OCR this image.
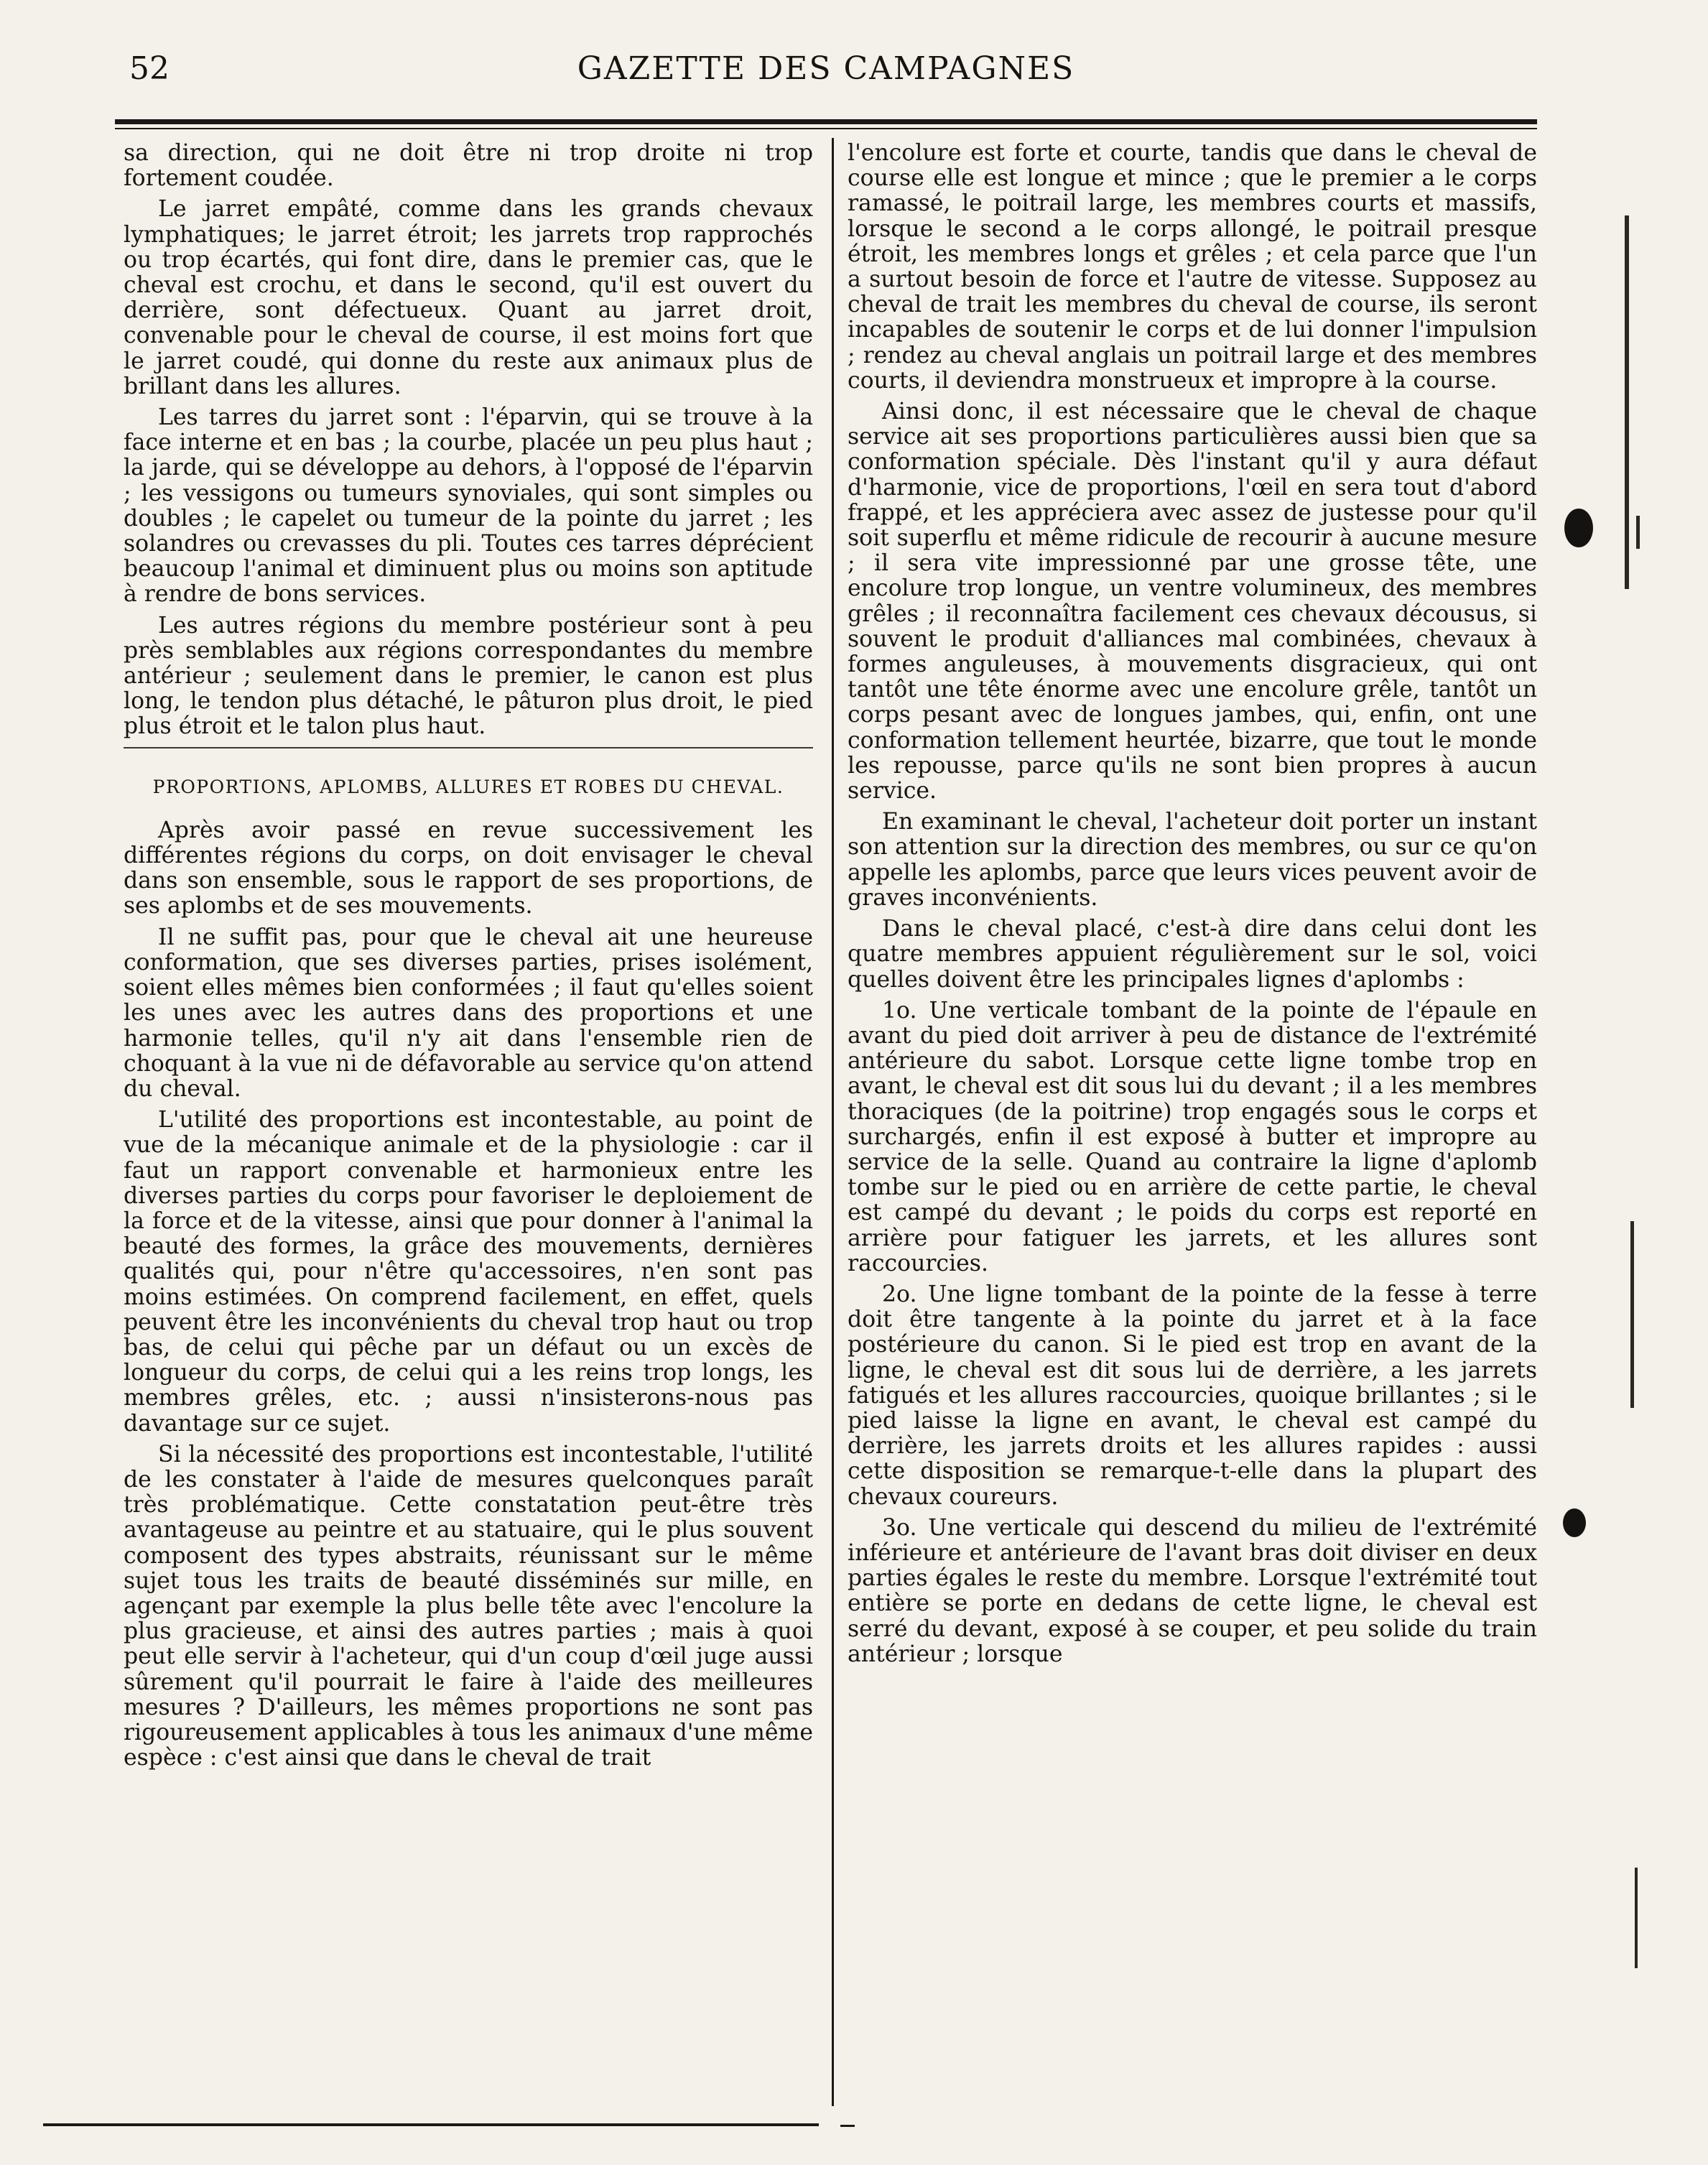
52	GAZETTE DES CAMPAGNES

sa direction, qui ne doit être ni trop droite ni trop fortement coudée.

Le jarret empâté, comme dans les grands chevaux lymphatiques; le jarret étroit; les jarrets trop rapprochés ou trop écartés, qui font dire, dans le premier cas, que le cheval est crochu, et dans le second, qu'il est ouvert du derrière, sont défectueux. Quant au jarret droit, convenable pour le cheval de course, il est moins fort que le jarret coudé, qui donne du reste aux animaux plus de brillant dans les allures.

Les tarres du jarret sont : l'éparvin, qui se trouve à la face interne et en bas ; la courbe, placée un peu plus haut ; la jarde, qui se développe au dehors, à l'opposé de l'éparvin ; les vessigons ou tumeurs synoviales, qui sont simples ou doubles ; le capelet ou tumeur de la pointe du jarret ; les solandres ou crevasses du pli. Toutes ces tarres déprécient beaucoup l'animal et diminuent plus ou moins son aptitude à rendre de bons services.

Les autres régions du membre postérieur sont à peu près semblables aux régions correspondantes du membre antérieur ; seulement dans le premier, le canon est plus long, le tendon plus détaché, le pâturon plus droit, le pied plus étroit et le talon plus haut.

PROPORTIONS, APLOMBS, ALLURES ET ROBES DU CHEVAL.

Après avoir passé en revue successivement les différentes régions du corps, on doit envisager le cheval dans son ensemble, sous le rapport de ses proportions, de ses aplombs et de ses mouvements.

Il ne suffit pas, pour que le cheval ait une heureuse conformation, que ses diverses parties, prises isolément, soient elles mêmes bien conformées ; il faut qu'elles soient les unes avec les autres dans des proportions et une harmonie telles, qu'il n'y ait dans l'ensemble rien de choquant à la vue ni de défavorable au service qu'on attend du cheval.

L'utilité des proportions est incontestable, au point de vue de la mécanique animale et de la physiologie : car il faut un rapport convenable et harmonieux entre les diverses parties du corps pour favoriser le deploiement de la force et de la vitesse, ainsi que pour donner à l'animal la beauté des formes, la grâce des mouvements, dernières qualités qui, pour n'être qu'accessoires, n'en sont pas moins estimées. On comprend facilement, en effet, quels peuvent être les inconvénients du cheval trop haut ou trop bas, de celui qui pêche par un défaut ou un excès de longueur du corps, de celui qui a les reins trop longs, les membres grêles, etc. ; aussi n'insisterons-nous pas davantage sur ce sujet.

Si la nécessité des proportions est incontestable, l'utilité de les constater à l'aide de mesures quelconques paraît très problématique. Cette constatation peut-être très avantageuse au peintre et au statuaire, qui le plus souvent composent des types abstraits, réunissant sur le même sujet tous les traits de beauté disséminés sur mille, en agençant par exemple la plus belle tête avec l'encolure la plus gracieuse, et ainsi des autres parties ; mais à quoi peut elle servir à l'acheteur, qui d'un coup d'œil juge aussi sûrement qu'il pourrait le faire à l'aide des meilleures mesures ? D'ailleurs, les mêmes proportions ne sont pas rigoureusement applicables à tous les animaux d'une même espèce : c'est ainsi que dans le cheval de trait

l'encolure est forte et courte, tandis que dans le cheval de course elle est longue et mince ; que le premier a le corps ramassé, le poitrail large, les membres courts et massifs, lorsque le second a le corps allongé, le poitrail presque étroit, les membres longs et grêles ; et cela parce que l'un a surtout besoin de force et l'autre de vitesse. Supposez au cheval de trait les membres du cheval de course, ils seront incapables de soutenir le corps et de lui donner l'impulsion ; rendez au cheval anglais un poitrail large et des membres courts, il deviendra monstrueux et impropre à la course.

Ainsi donc, il est nécessaire que le cheval de chaque service ait ses proportions particulières aussi bien que sa conformation spéciale. Dès l'instant qu'il y aura défaut d'harmonie, vice de proportions, l'œil en sera tout d'abord frappé, et les appréciera avec assez de justesse pour qu'il soit superflu et même ridicule de recourir à aucune mesure ; il sera vite impressionné par une grosse tête, une encolure trop longue, un ventre volumineux, des membres grêles ; il reconnaîtra facilement ces chevaux décousus, si souvent le produit d'alliances mal combinées, chevaux à formes anguleuses, à mouvements disgracieux, qui ont tantôt une tête énorme avec une encolure grêle, tantôt un corps pesant avec de longues jambes, qui, enfin, ont une conformation tellement heurtée, bizarre, que tout le monde les repousse, parce qu'ils ne sont bien propres à aucun service.

En examinant le cheval, l'acheteur doit porter un instant son attention sur la direction des membres, ou sur ce qu'on appelle les aplombs, parce que leurs vices peuvent avoir de graves inconvénients.

Dans le cheval placé, c'est-à dire dans celui dont les quatre membres appuient régulièrement sur le sol, voici quelles doivent être les principales lignes d'aplombs :

1o. Une verticale tombant de la pointe de l'épaule en avant du pied doit arriver à peu de distance de l'extrémité antérieure du sabot. Lorsque cette ligne tombe trop en avant, le cheval est dit sous lui du devant ; il a les membres thoraciques (de la poitrine) trop engagés sous le corps et surchargés, enfin il est exposé à butter et impropre au service de la selle. Quand au contraire la ligne d'aplomb tombe sur le pied ou en arrière de cette partie, le cheval est campé du devant ; le poids du corps est reporté en arrière pour fatiguer les jarrets, et les allures sont raccourcies.

2o. Une ligne tombant de la pointe de la fesse à terre doit être tangente à la pointe du jarret et à la face postérieure du canon. Si le pied est trop en avant de la ligne, le cheval est dit sous lui de derrière, a les jarrets fatigués et les allures raccourcies, quoique brillantes ; si le pied laisse la ligne en avant, le cheval est campé du derrière, les jarrets droits et les allures rapides : aussi cette disposition se remarque-t-elle dans la plupart des chevaux coureurs.

3o. Une verticale qui descend du milieu de l'extrémité inférieure et antérieure de l'avant bras doit diviser en deux parties égales le reste du membre. Lorsque l'extrémité tout entière se porte en dedans de cette ligne, le cheval est serré du devant, exposé à se couper, et peu solide du train antérieur ; lorsque
